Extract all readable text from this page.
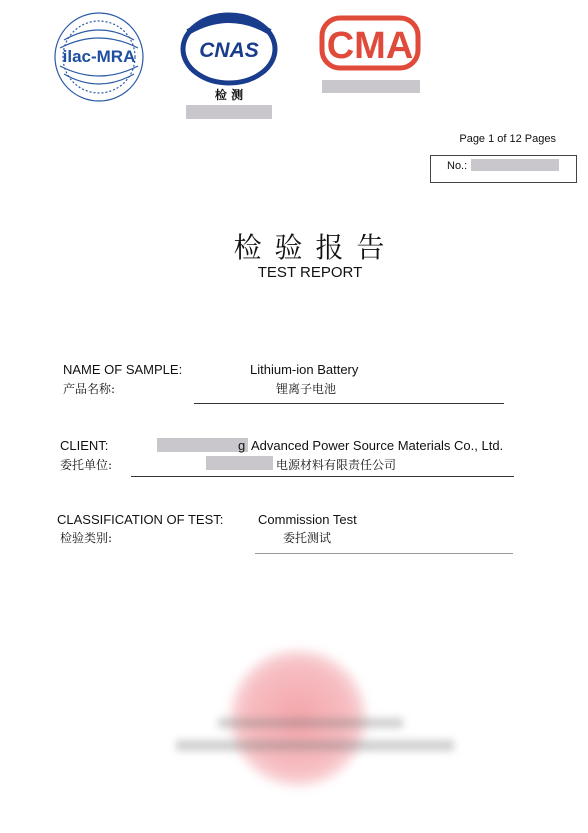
ilac-MRA	CNAS
检 测
CMA
Page 1 of 12 Pages
No.:
检 验 报 告
TEST REPORT
NAME OF SAMPLE:
产品名称:
Lithium-ion Battery
锂离子电池
CLIENT:
委托单位:
g Advanced Power Source Materials Co., Ltd.
电源材料有限责任公司
CLASSIFICATION OF TEST:
检验类别:
Commission Test
委托测试
